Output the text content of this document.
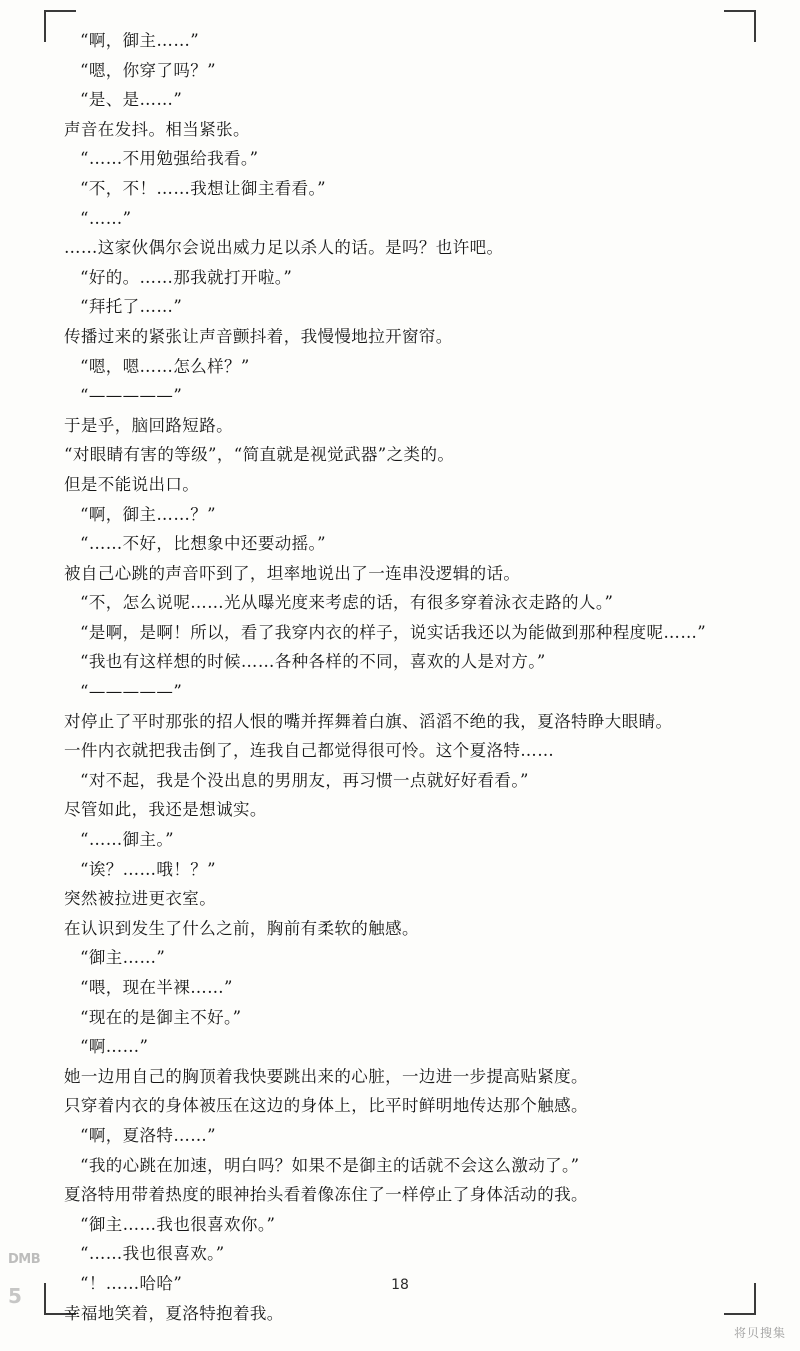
“啊，御主……”
“嗯，你穿了吗？”
“是、是……”
声音在发抖。相当紧张。
“……不用勉强给我看。”
“不，不！……我想让御主看看。”
“……”
……这家伙偶尔会说出威力足以杀人的话。是吗？也许吧。
“好的。……那我就打开啦。”
“拜托了……”
传播过来的紧张让声音颤抖着，我慢慢地拉开窗帘。
“嗯，嗯……怎么样？”
“—————”
于是乎，脑回路短路。
“对眼睛有害的等级”，“简直就是视觉武器”之类的。
但是不能说出口。
“啊，御主……？”
“……不好，比想象中还要动摇。”
被自己心跳的声音吓到了，坦率地说出了一连串没逻辑的话。
“不，怎么说呢……光从曝光度来考虑的话，有很多穿着泳衣走路的人。”
“是啊，是啊！所以，看了我穿内衣的样子，说实话我还以为能做到那种程度呢……”
“我也有这样想的时候……各种各样的不同，喜欢的人是对方。”
“—————”
对停止了平时那张的招人恨的嘴并挥舞着白旗、滔滔不绝的我，夏洛特睁大眼睛。
一件内衣就把我击倒了，连我自己都觉得很可怜。这个夏洛特……
“对不起，我是个没出息的男朋友，再习惯一点就好好看看。”
尽管如此，我还是想诚实。
“……御主。”
“诶？……哦！？”
突然被拉进更衣室。
在认识到发生了什么之前，胸前有柔软的触感。
“御主……”
“喂，现在半裸……”
“现在的是御主不好。”
“啊……”
她一边用自己的胸顶着我快要跳出来的心脏，一边进一步提高贴紧度。
只穿着内衣的身体被压在这边的身体上，比平时鲜明地传达那个触感。
“啊，夏洛特……”
“我的心跳在加速，明白吗？如果不是御主的话就不会这么激动了。”
夏洛特用带着热度的眼神抬头看着像冻住了一样停止了身体活动的我。
“御主……我也很喜欢你。”
“……我也很喜欢。”
“！……哈哈”
幸福地笑着，夏洛特抱着我。
18
DMB
5
将贝搜集
